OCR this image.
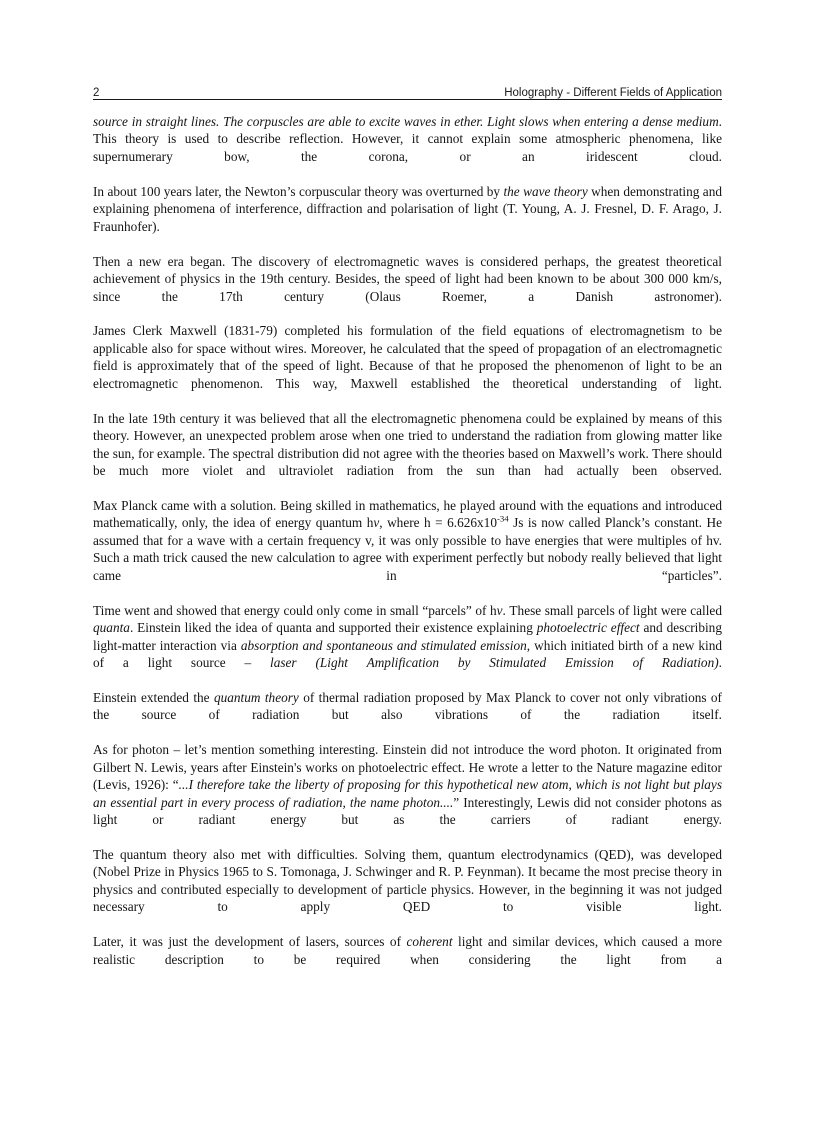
2	Holography - Different Fields of Application

source in straight lines. The corpuscles are able to excite waves in ether. Light slows when entering a dense medium. This theory is used to describe reflection. However, it cannot explain some atmospheric phenomena, like supernumerary bow, the corona, or an iridescent cloud.

In about 100 years later, the Newton’s corpuscular theory was overturned by the wave theory when demonstrating and explaining phenomena of interference, diffraction and polarisation of light (T. Young, A. J. Fresnel, D. F. Arago, J. Fraunhofer).

Then a new era began. The discovery of electromagnetic waves is considered perhaps, the greatest theoretical achievement of physics in the 19th century. Besides, the speed of light had been known to be about 300 000 km/s, since the 17th century (Olaus Roemer, a Danish astronomer).

James Clerk Maxwell (1831-79) completed his formulation of the field equations of electromagnetism to be applicable also for space without wires. Moreover, he calculated that the speed of propagation of an electromagnetic field is approximately that of the speed of light. Because of that he proposed the phenomenon of light to be an electromagnetic phenomenon. This way, Maxwell established the theoretical understanding of light.

In the late 19th century it was believed that all the electromagnetic phenomena could be explained by means of this theory. However, an unexpected problem arose when one tried to understand the radiation from glowing matter like the sun, for example. The spectral distribution did not agree with the theories based on Maxwell’s work. There should be much more violet and ultraviolet radiation from the sun than had actually been observed.

Max Planck came with a solution. Being skilled in mathematics, he played around with the equations and introduced mathematically, only, the idea of energy quantum hν, where $h = 6.626x10^{-34}$ Js is now called Planck’s constant. He assumed that for a wave with a certain frequency v, it was only possible to have energies that were multiples of hv. Such a math trick caused the new calculation to agree with experiment perfectly but nobody really believed that light came in “particles”.

Time went and showed that energy could only come in small “parcels” of hν. These small parcels of light were called quanta. Einstein liked the idea of quanta and supported their existence explaining photoelectric effect and describing light-matter interaction via absorption and spontaneous and stimulated emission, which initiated birth of a new kind of a light source – laser (Light Amplification by Stimulated Emission of Radiation).

Einstein extended the quantum theory of thermal radiation proposed by Max Planck to cover not only vibrations of the source of radiation but also vibrations of the radiation itself.

As for photon – let’s mention something interesting. Einstein did not introduce the word photon. It originated from Gilbert N. Lewis, years after Einstein's works on photoelectric effect. He wrote a letter to the Nature magazine editor (Levis, 1926): “...I therefore take the liberty of proposing for this hypothetical new atom, which is not light but plays an essential part in every process of radiation, the name photon....” Interestingly, Lewis did not consider photons as light or radiant energy but as the carriers of radiant energy.

The quantum theory also met with difficulties. Solving them, quantum electrodynamics (QED), was developed (Nobel Prize in Physics 1965 to S. Tomonaga, J. Schwinger and R. P. Feynman). It became the most precise theory in physics and contributed especially to development of particle physics. However, in the beginning it was not judged necessary to apply QED to visible light.

Later, it was just the development of lasers, sources of coherent light and similar devices, which caused a more realistic description to be required when considering the light from a
